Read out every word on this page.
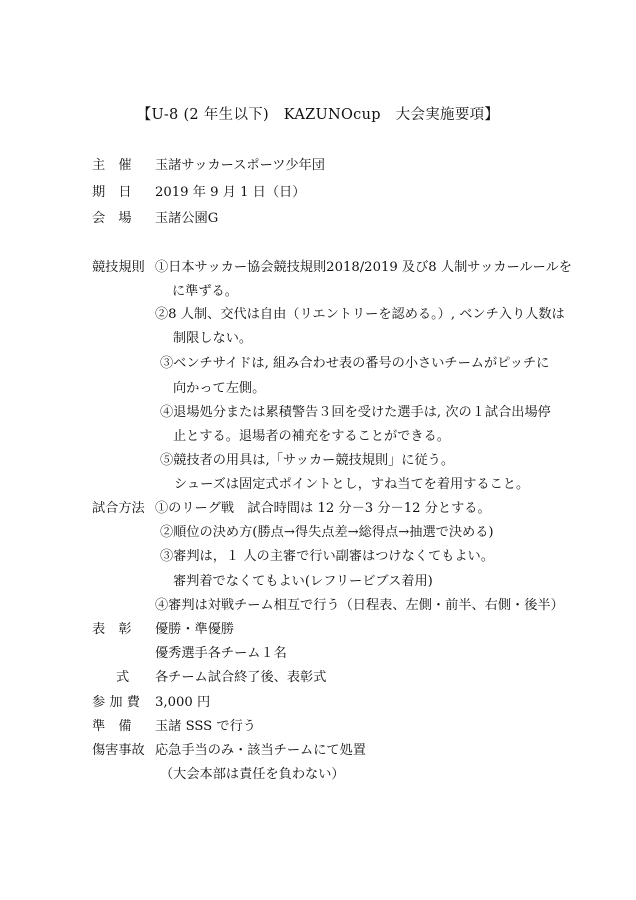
【U-8 (2 年生以下)　KAZUNOcup　大会実施要項】
主　催 玉諸サッカースポーツ少年団
期　日 2019 年 9 月 1 日（日）
会　場 玉諸公園G
競技規則 ①日本サッカー協会競技規則2018/2019 及び8 人制サッカールールを
に準ずる。
②8 人制、交代は自由（リエントリーを認める。）, ベンチ入り人数は
制限しない。
③ベンチサイドは, 組み合わせ表の番号の小さいチームがピッチに
向かって左側。
④退場処分または累積警告３回を受けた選手は, 次の１試合出場停
止とする。退場者の補充をすることができる。
⑤競技者の用具は,「サッカー競技規則」に従う。
シューズは固定式ポイントとし，すね当てを着用すること。
試合方法 ①のリーグ戦　試合時間は 12 分－3 分－12 分とする。
②順位の決め方(勝点→得失点差→総得点→抽選で決める)
③審判は，１ 人の主審で行い副審はつけなくてもよい。
審判着でなくてもよい(レフリービブス着用)
④審判は対戦チーム相互で行う（日程表、左側・前半、右側・後半）
表　彰 優勝・準優勝
優秀選手各チーム１名
式 各チーム試合終了後、表彰式
参 加 費 3,000 円
準　備 玉諸 SSS で行う
傷害事故 応急手当のみ・該当チームにて処置
（大会本部は責任を負わない）
